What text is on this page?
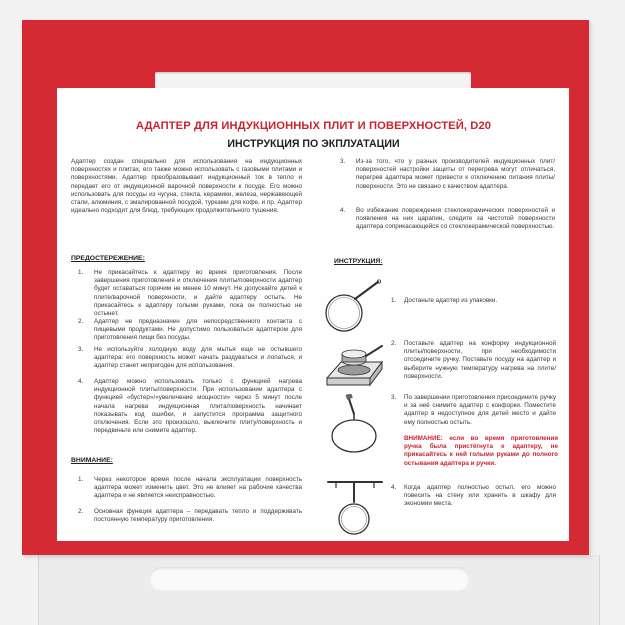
АДАПТЕР ДЛЯ ИНДУКЦИОННЫХ ПЛИТ И ПОВЕРХНОСТЕЙ, D20
ИНСТРУКЦИЯ ПО ЭКПЛУАТАЦИИ

Адаптер создан специально для использования на индукционных поверхностях и плитах, его также можно использовать с газовыми плитами и поверхностями. Адаптер преобразовывает индукционный ток в тепло и передает его от индукционной варочной поверхности к посуде. Его можно использовать для посуды из чугуна, стекла, керамики, железа, нержавеющей стали, алюминия, с эмалированной посудой, турками для кофе, и пр. Адаптер идеально подходит для блюд, требующих продолжительного тушения.

ПРЕДОСТЕРЕЖЕНИЕ:

1. Не прикасайтесь к адаптеру во время приготовления. После завершения приготовления и отключения плиты/поверхности адаптер будет оставаться горячим не менее 10 минут. Не допускайте детей к плите/варочной поверхности, и дайте адаптеру остыть. Не прикасайтесь к адаптеру голыми руками, пока он полностью не остынет.

2. Адаптер не предназначен для непосредственного контакта с пищевыми продуктами. Не допустимо пользоваться адаптером для приготовления пищи без посуды.

3. Не используйте холодную воду для мытья еще не остывшего адаптера: его поверхность может начать раздуваться и лопаться, и адаптер станет непригоден для использования.

4. Адаптер можно использовать только с функцией нагрева индукционной плиты/поверхности. При использовании адаптера с функцией «бустер»/«увеличение мощности» через 5 минут после начала нагрева индукционная плита/поверхность начинает показывать код ошибки, и запустится программа защитного отключения. Если это произошло, выключите плиту/поверхность и передвиньте или снимите адаптер.

ВНИМАНИЕ:

1. Через некоторое время после начала эксплуатации поверхность адаптера может изменить цвет. Это не влияет на рабочие качества адаптера и не является неисправностью.

2. Основная функция адаптера – передавать тепло и поддерживать постоянную температуру приготовления.

3. Из-за того, что у разных производителей индукционных плит/поверхностей настройки защиты от перегрева могут отличаться, перегрев адаптера может привести к отключению питания плиты/поверхности. Это не связано с качеством адаптера.

4. Во избежание повреждения стеклокерамических поверхностей и появления на них царапин, следите за чистотой поверхности адаптера соприкасающейся со стеклокерамической поверхностью.

ИНСТРУКЦИЯ:

1. Достаньте адаптер из упаковки.

2. Поставьте адаптер на конфорку индукционной плиты/поверхности, при необходимости отсоедините ручку. Поставьте посуду на адаптер и выберите нужную температуру нагрева на плите/поверхности.

3. По завершении приготовления присоедините ручку и за неё снимите адаптер с конфорки. Поместите адаптер в недоступное для детей место и дайте ему полностью остыть.

ВНИМАНИЕ: если во время приготовления ручка была пристёгнута к адаптеру, не прикасайтесь к ней голыми руками до полного остывания адаптера и ручки.

4. Когда адаптер полностью остыл, его можно повесить на стену или хранить в шкафу для экономии места.
